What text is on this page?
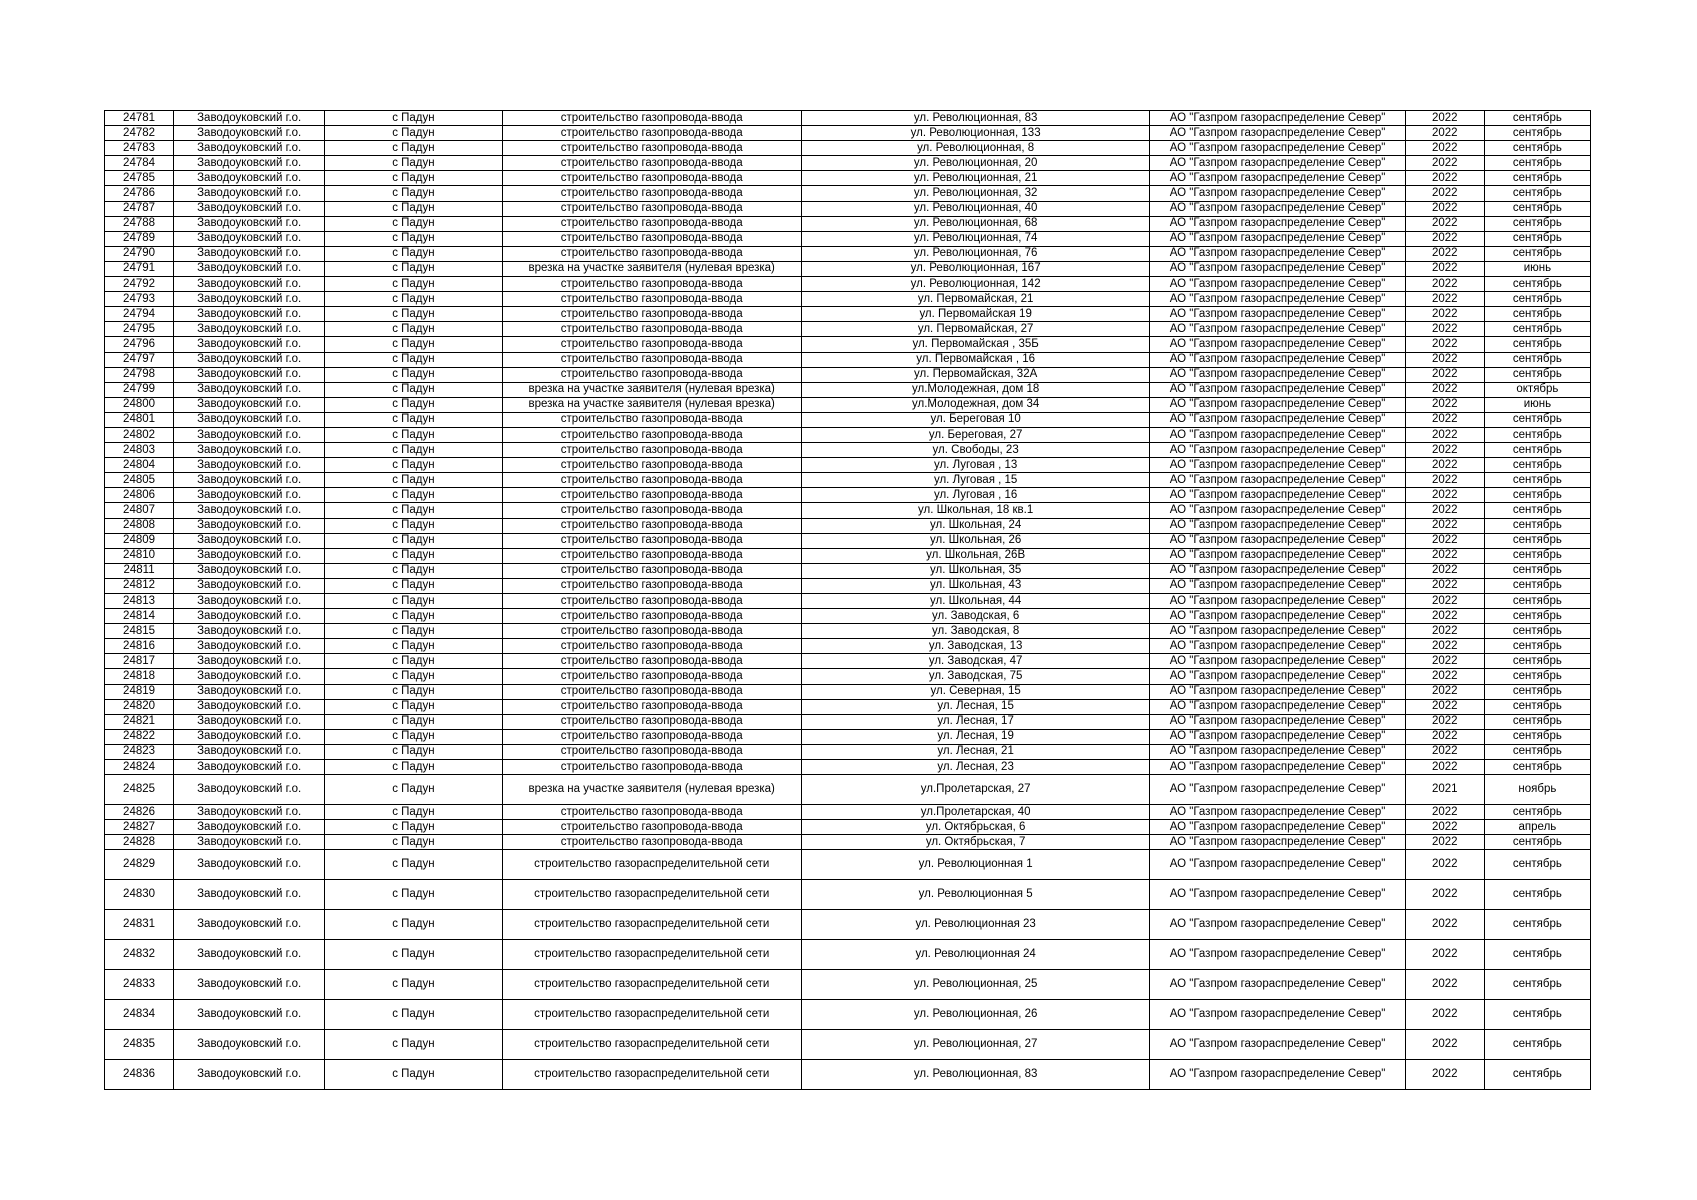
24781	Заводоуковский г.о.	с Падун	строительство газопровода-ввода	ул. Революционная, 83	АО "Газпром газораспределение Север"	2022	сентябрь
24782	Заводоуковский г.о.	с Падун	строительство газопровода-ввода	ул. Революционная, 133	АО "Газпром газораспределение Север"	2022	сентябрь
24783	Заводоуковский г.о.	с Падун	строительство газопровода-ввода	ул. Революционная, 8	АО "Газпром газораспределение Север"	2022	сентябрь
24784	Заводоуковский г.о.	с Падун	строительство газопровода-ввода	ул. Революционная, 20	АО "Газпром газораспределение Север"	2022	сентябрь
24785	Заводоуковский г.о.	с Падун	строительство газопровода-ввода	ул. Революционная, 21	АО "Газпром газораспределение Север"	2022	сентябрь
24786	Заводоуковский г.о.	с Падун	строительство газопровода-ввода	ул. Революционная, 32	АО "Газпром газораспределение Север"	2022	сентябрь
24787	Заводоуковский г.о.	с Падун	строительство газопровода-ввода	ул. Революционная, 40	АО "Газпром газораспределение Север"	2022	сентябрь
24788	Заводоуковский г.о.	с Падун	строительство газопровода-ввода	ул. Революционная, 68	АО "Газпром газораспределение Север"	2022	сентябрь
24789	Заводоуковский г.о.	с Падун	строительство газопровода-ввода	ул. Революционная, 74	АО "Газпром газораспределение Север"	2022	сентябрь
24790	Заводоуковский г.о.	с Падун	строительство газопровода-ввода	ул. Революционная, 76	АО "Газпром газораспределение Север"	2022	сентябрь
24791	Заводоуковский г.о.	с Падун	врезка на участке заявителя (нулевая врезка)	ул. Революционная, 167	АО "Газпром газораспределение Север"	2022	июнь
24792	Заводоуковский г.о.	с Падун	строительство газопровода-ввода	ул. Революционная, 142	АО "Газпром газораспределение Север"	2022	сентябрь
24793	Заводоуковский г.о.	с Падун	строительство газопровода-ввода	ул. Первомайская, 21	АО "Газпром газораспределение Север"	2022	сентябрь
24794	Заводоуковский г.о.	с Падун	строительство газопровода-ввода	ул. Первомайская 19	АО "Газпром газораспределение Север"	2022	сентябрь
24795	Заводоуковский г.о.	с Падун	строительство газопровода-ввода	ул. Первомайская, 27	АО "Газпром газораспределение Север"	2022	сентябрь
24796	Заводоуковский г.о.	с Падун	строительство газопровода-ввода	ул. Первомайская , 35Б	АО "Газпром газораспределение Север"	2022	сентябрь
24797	Заводоуковский г.о.	с Падун	строительство газопровода-ввода	ул. Первомайская , 16	АО "Газпром газораспределение Север"	2022	сентябрь
24798	Заводоуковский г.о.	с Падун	строительство газопровода-ввода	ул. Первомайская, 32А	АО "Газпром газораспределение Север"	2022	сентябрь
24799	Заводоуковский г.о.	с Падун	врезка на участке заявителя (нулевая врезка)	ул.Молодежная, дом 18	АО "Газпром газораспределение Север"	2022	октябрь
24800	Заводоуковский г.о.	с Падун	врезка на участке заявителя (нулевая врезка)	ул.Молодежная, дом 34	АО "Газпром газораспределение Север"	2022	июнь
24801	Заводоуковский г.о.	с Падун	строительство газопровода-ввода	ул. Береговая 10	АО "Газпром газораспределение Север"	2022	сентябрь
24802	Заводоуковский г.о.	с Падун	строительство газопровода-ввода	ул. Береговая, 27	АО "Газпром газораспределение Север"	2022	сентябрь
24803	Заводоуковский г.о.	с Падун	строительство газопровода-ввода	ул. Свободы, 23	АО "Газпром газораспределение Север"	2022	сентябрь
24804	Заводоуковский г.о.	с Падун	строительство газопровода-ввода	ул. Луговая , 13	АО "Газпром газораспределение Север"	2022	сентябрь
24805	Заводоуковский г.о.	с Падун	строительство газопровода-ввода	ул. Луговая , 15	АО "Газпром газораспределение Север"	2022	сентябрь
24806	Заводоуковский г.о.	с Падун	строительство газопровода-ввода	ул. Луговая , 16	АО "Газпром газораспределение Север"	2022	сентябрь
24807	Заводоуковский г.о.	с Падун	строительство газопровода-ввода	ул. Школьная, 18 кв.1	АО "Газпром газораспределение Север"	2022	сентябрь
24808	Заводоуковский г.о.	с Падун	строительство газопровода-ввода	ул. Школьная, 24	АО "Газпром газораспределение Север"	2022	сентябрь
24809	Заводоуковский г.о.	с Падун	строительство газопровода-ввода	ул. Школьная, 26	АО "Газпром газораспределение Север"	2022	сентябрь
24810	Заводоуковский г.о.	с Падун	строительство газопровода-ввода	ул. Школьная, 26В	АО "Газпром газораспределение Север"	2022	сентябрь
24811	Заводоуковский г.о.	с Падун	строительство газопровода-ввода	ул. Школьная, 35	АО "Газпром газораспределение Север"	2022	сентябрь
24812	Заводоуковский г.о.	с Падун	строительство газопровода-ввода	ул. Школьная, 43	АО "Газпром газораспределение Север"	2022	сентябрь
24813	Заводоуковский г.о.	с Падун	строительство газопровода-ввода	ул. Школьная, 44	АО "Газпром газораспределение Север"	2022	сентябрь
24814	Заводоуковский г.о.	с Падун	строительство газопровода-ввода	ул. Заводская, 6	АО "Газпром газораспределение Север"	2022	сентябрь
24815	Заводоуковский г.о.	с Падун	строительство газопровода-ввода	ул. Заводская, 8	АО "Газпром газораспределение Север"	2022	сентябрь
24816	Заводоуковский г.о.	с Падун	строительство газопровода-ввода	ул. Заводская, 13	АО "Газпром газораспределение Север"	2022	сентябрь
24817	Заводоуковский г.о.	с Падун	строительство газопровода-ввода	ул. Заводская, 47	АО "Газпром газораспределение Север"	2022	сентябрь
24818	Заводоуковский г.о.	с Падун	строительство газопровода-ввода	ул. Заводская, 75	АО "Газпром газораспределение Север"	2022	сентябрь
24819	Заводоуковский г.о.	с Падун	строительство газопровода-ввода	ул. Северная, 15	АО "Газпром газораспределение Север"	2022	сентябрь
24820	Заводоуковский г.о.	с Падун	строительство газопровода-ввода	ул. Лесная, 15	АО "Газпром газораспределение Север"	2022	сентябрь
24821	Заводоуковский г.о.	с Падун	строительство газопровода-ввода	ул. Лесная, 17	АО "Газпром газораспределение Север"	2022	сентябрь
24822	Заводоуковский г.о.	с Падун	строительство газопровода-ввода	ул. Лесная, 19	АО "Газпром газораспределение Север"	2022	сентябрь
24823	Заводоуковский г.о.	с Падун	строительство газопровода-ввода	ул. Лесная, 21	АО "Газпром газораспределение Север"	2022	сентябрь
24824	Заводоуковский г.о.	с Падун	строительство газопровода-ввода	ул. Лесная, 23	АО "Газпром газораспределение Север"	2022	сентябрь
24825	Заводоуковский г.о.	с Падун	врезка на участке заявителя (нулевая врезка)	ул.Пролетарская, 27	АО "Газпром газораспределение Север"	2021	ноябрь
24826	Заводоуковский г.о.	с Падун	строительство газопровода-ввода	ул.Пролетарская, 40	АО "Газпром газораспределение Север"	2022	сентябрь
24827	Заводоуковский г.о.	с Падун	строительство газопровода-ввода	ул. Октябрьская, 6	АО "Газпром газораспределение Север"	2022	апрель
24828	Заводоуковский г.о.	с Падун	строительство газопровода-ввода	ул. Октябрьская, 7	АО "Газпром газораспределение Север"	2022	сентябрь
24829	Заводоуковский г.о.	с Падун	строительство газораспределительной сети	ул. Революционная 1	АО "Газпром газораспределение Север"	2022	сентябрь
24830	Заводоуковский г.о.	с Падун	строительство газораспределительной сети	ул. Революционная 5	АО "Газпром газораспределение Север"	2022	сентябрь
24831	Заводоуковский г.о.	с Падун	строительство газораспределительной сети	ул. Революционная 23	АО "Газпром газораспределение Север"	2022	сентябрь
24832	Заводоуковский г.о.	с Падун	строительство газораспределительной сети	ул. Революционная 24	АО "Газпром газораспределение Север"	2022	сентябрь
24833	Заводоуковский г.о.	с Падун	строительство газораспределительной сети	ул. Революционная, 25	АО "Газпром газораспределение Север"	2022	сентябрь
24834	Заводоуковский г.о.	с Падун	строительство газораспределительной сети	ул. Революционная, 26	АО "Газпром газораспределение Север"	2022	сентябрь
24835	Заводоуковский г.о.	с Падун	строительство газораспределительной сети	ул. Революционная, 27	АО "Газпром газораспределение Север"	2022	сентябрь
24836	Заводоуковский г.о.	с Падун	строительство газораспределительной сети	ул. Революционная, 83	АО "Газпром газораспределение Север"	2022	сентябрь
